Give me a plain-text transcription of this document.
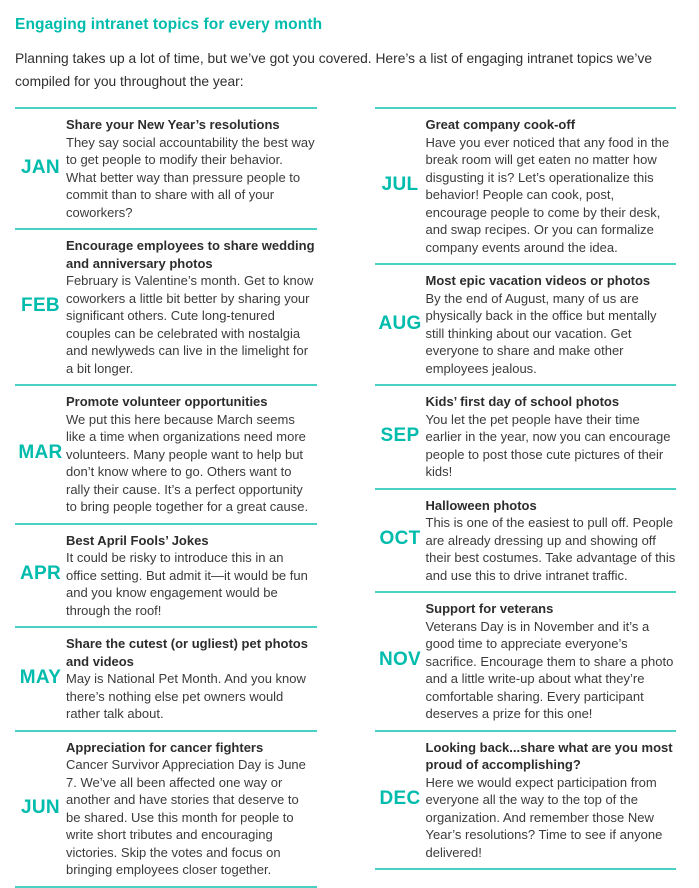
Engaging intranet topics for every month

Planning takes up a lot of time, but we’ve got you covered. Here’s a list of engaging intranet topics we’ve compiled for you throughout the year:

JAN
Share your New Year’s resolutions
They say social accountability the best way to get people to modify their behavior. What better way than pressure people to commit than to share with all of your coworkers?
FEB
Encourage employees to share wedding and anniversary photos
February is Valentine’s month. Get to know coworkers a little bit better by sharing your significant others. Cute long-tenured couples can be celebrated with nostalgia and newlyweds can live in the limelight for a bit longer.
MAR
Promote volunteer opportunities
We put this here because March seems like a time when organizations need more volunteers. Many people want to help but don’t know where to go. Others want to rally their cause. It’s a perfect opportunity to bring people together for a great cause.
APR
Best April Fools’ Jokes
It could be risky to introduce this in an office setting. But admit it—it would be fun and you know engagement would be through the roof!
MAY
Share the cutest (or ugliest) pet photos and videos
May is National Pet Month. And you know there’s nothing else pet owners would rather talk about.
JUN
Appreciation for cancer fighters
Cancer Survivor Appreciation Day is June 7. We’ve all been affected one way or another and have stories that deserve to be shared. Use this month for people to write short tributes and encouraging victories. Skip the votes and focus on bringing employees closer together.
JUL
Great company cook-off
Have you ever noticed that any food in the break room will get eaten no matter how disgusting it is? Let’s operationalize this behavior! People can cook, post, encourage people to come by their desk, and swap recipes. Or you can formalize company events around the idea.
AUG
Most epic vacation videos or photos
By the end of August, many of us are physically back in the office but mentally still thinking about our vacation. Get everyone to share and make other employees jealous.
SEP
Kids’ first day of school photos
You let the pet people have their time earlier in the year, now you can encourage people to post those cute pictures of their kids!
OCT
Halloween photos
This is one of the easiest to pull off. People are already dressing up and showing off their best costumes. Take advantage of this and use this to drive intranet traffic.
NOV
Support for veterans
Veterans Day is in November and it’s a good time to appreciate everyone’s sacrifice. Encourage them to share a photo and a little write-up about what they’re comfortable sharing. Every participant deserves a prize for this one!
DEC
Looking back...share what are you most proud of accomplishing?
Here we would expect participation from everyone all the way to the top of the organization. And remember those New Year’s resolutions? Time to see if anyone delivered!
